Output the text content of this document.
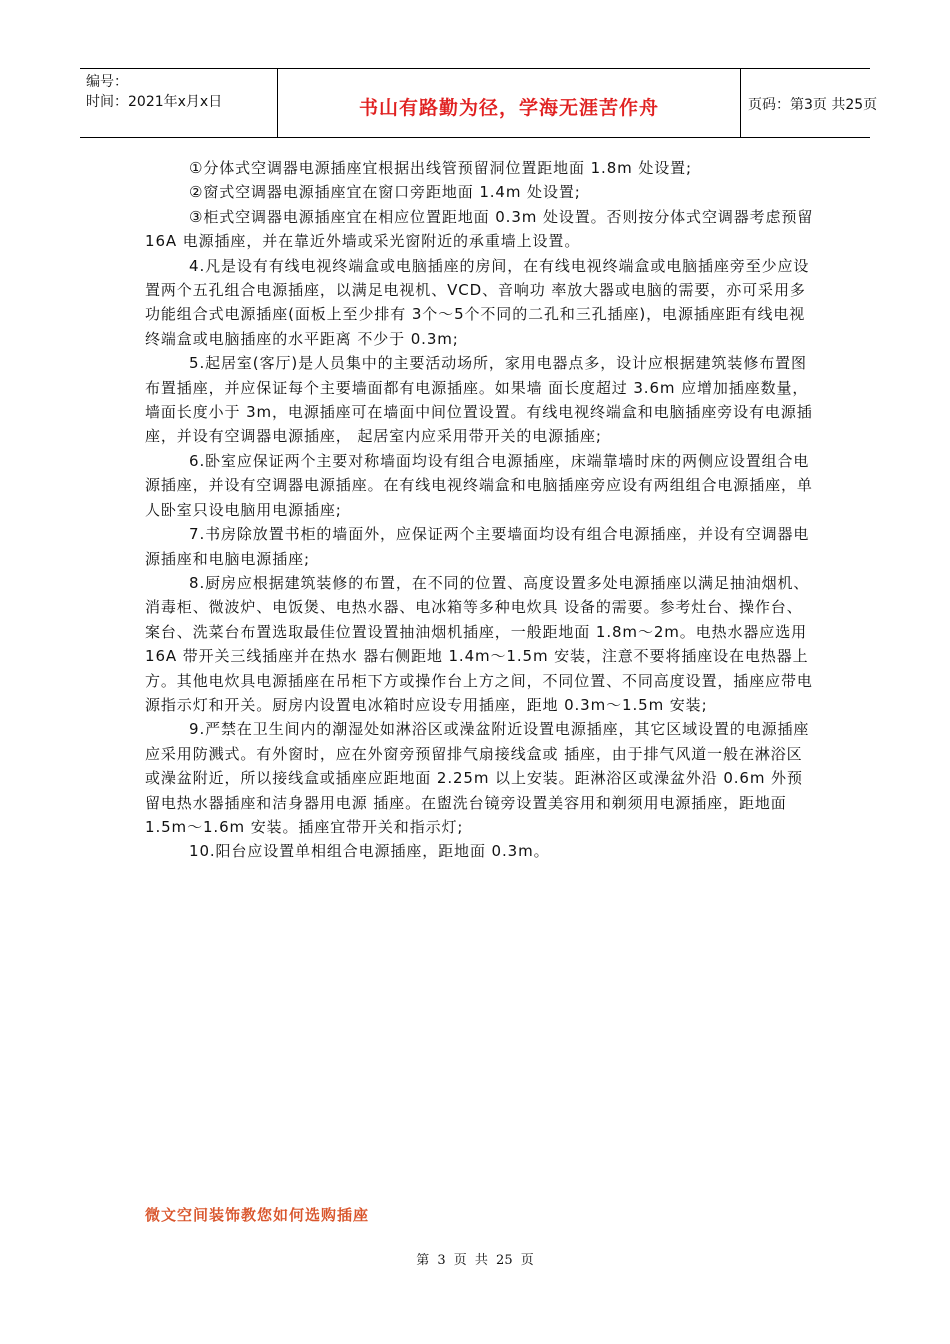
编号：
时间：2021年x月x日	书山有路勤为径，学海无涯苦作舟	页码：第3页 共25页

①分体式空调器电源插座宜根据出线管预留洞位置距地面 1.8m 处设置;

②窗式空调器电源插座宜在窗口旁距地面 1.4m 处设置;

③柜式空调器电源插座宜在相应位置距地面 0.3m 处设置。否则按分体式空调器考虑预留 16A 电源插座，并在靠近外墙或采光窗附近的承重墙上设置。

4.凡是设有有线电视终端盒或电脑插座的房间，在有线电视终端盒或电脑插座旁至少应设置两个五孔组合电源插座，以满足电视机、VCD、音响功 率放大器或电脑的需要，亦可采用多功能组合式电源插座(面板上至少排有 3个～5个不同的二孔和三孔插座)，电源插座距有线电视终端盒或电脑插座的水平距离 不少于 0.3m;

5.起居室(客厅)是人员集中的主要活动场所，家用电器点多，设计应根据建筑装修布置图布置插座，并应保证每个主要墙面都有电源插座。如果墙 面长度超过 3.6m 应增加插座数量，墙面长度小于 3m，电源插座可在墙面中间位置设置。有线电视终端盒和电脑插座旁设有电源插座，并设有空调器电源插座， 起居室内应采用带开关的电源插座;

6.卧室应保证两个主要对称墙面均设有组合电源插座，床端靠墙时床的两侧应设置组合电源插座，并设有空调器电源插座。在有线电视终端盒和电脑插座旁应设有两组组合电源插座，单人卧室只设电脑用电源插座;

7.书房除放置书柜的墙面外，应保证两个主要墙面均设有组合电源插座，并设有空调器电源插座和电脑电源插座;

8.厨房应根据建筑装修的布置，在不同的位置、高度设置多处电源插座以满足抽油烟机、消毒柜、微波炉、电饭煲、电热水器、电冰箱等多种电炊具 设备的需要。参考灶台、操作台、案台、洗菜台布置选取最佳位置设置抽油烟机插座，一般距地面 1.8m～2m。电热水器应选用 16A 带开关三线插座并在热水 器右侧距地 1.4m～1.5m 安装，注意不要将插座设在电热器上方。其他电炊具电源插座在吊柜下方或操作台上方之间，不同位置、不同高度设置，插座应带电 源指示灯和开关。厨房内设置电冰箱时应设专用插座，距地 0.3m～1.5m 安装;

9.严禁在卫生间内的潮湿处如淋浴区或澡盆附近设置电源插座，其它区域设置的电源插座应采用防溅式。有外窗时，应在外窗旁预留排气扇接线盒或 插座，由于排气风道一般在淋浴区或澡盆附近，所以接线盒或插座应距地面 2.25m 以上安装。距淋浴区或澡盆外沿 0.6m 外预留电热水器插座和洁身器用电源 插座。在盥洗台镜旁设置美容用和剃须用电源插座，距地面 1.5m～1.6m 安装。插座宜带开关和指示灯;

10.阳台应设置单相组合电源插座，距地面 0.3m。

微文空间装饰教您如何选购插座
第 3 页 共 25 页
